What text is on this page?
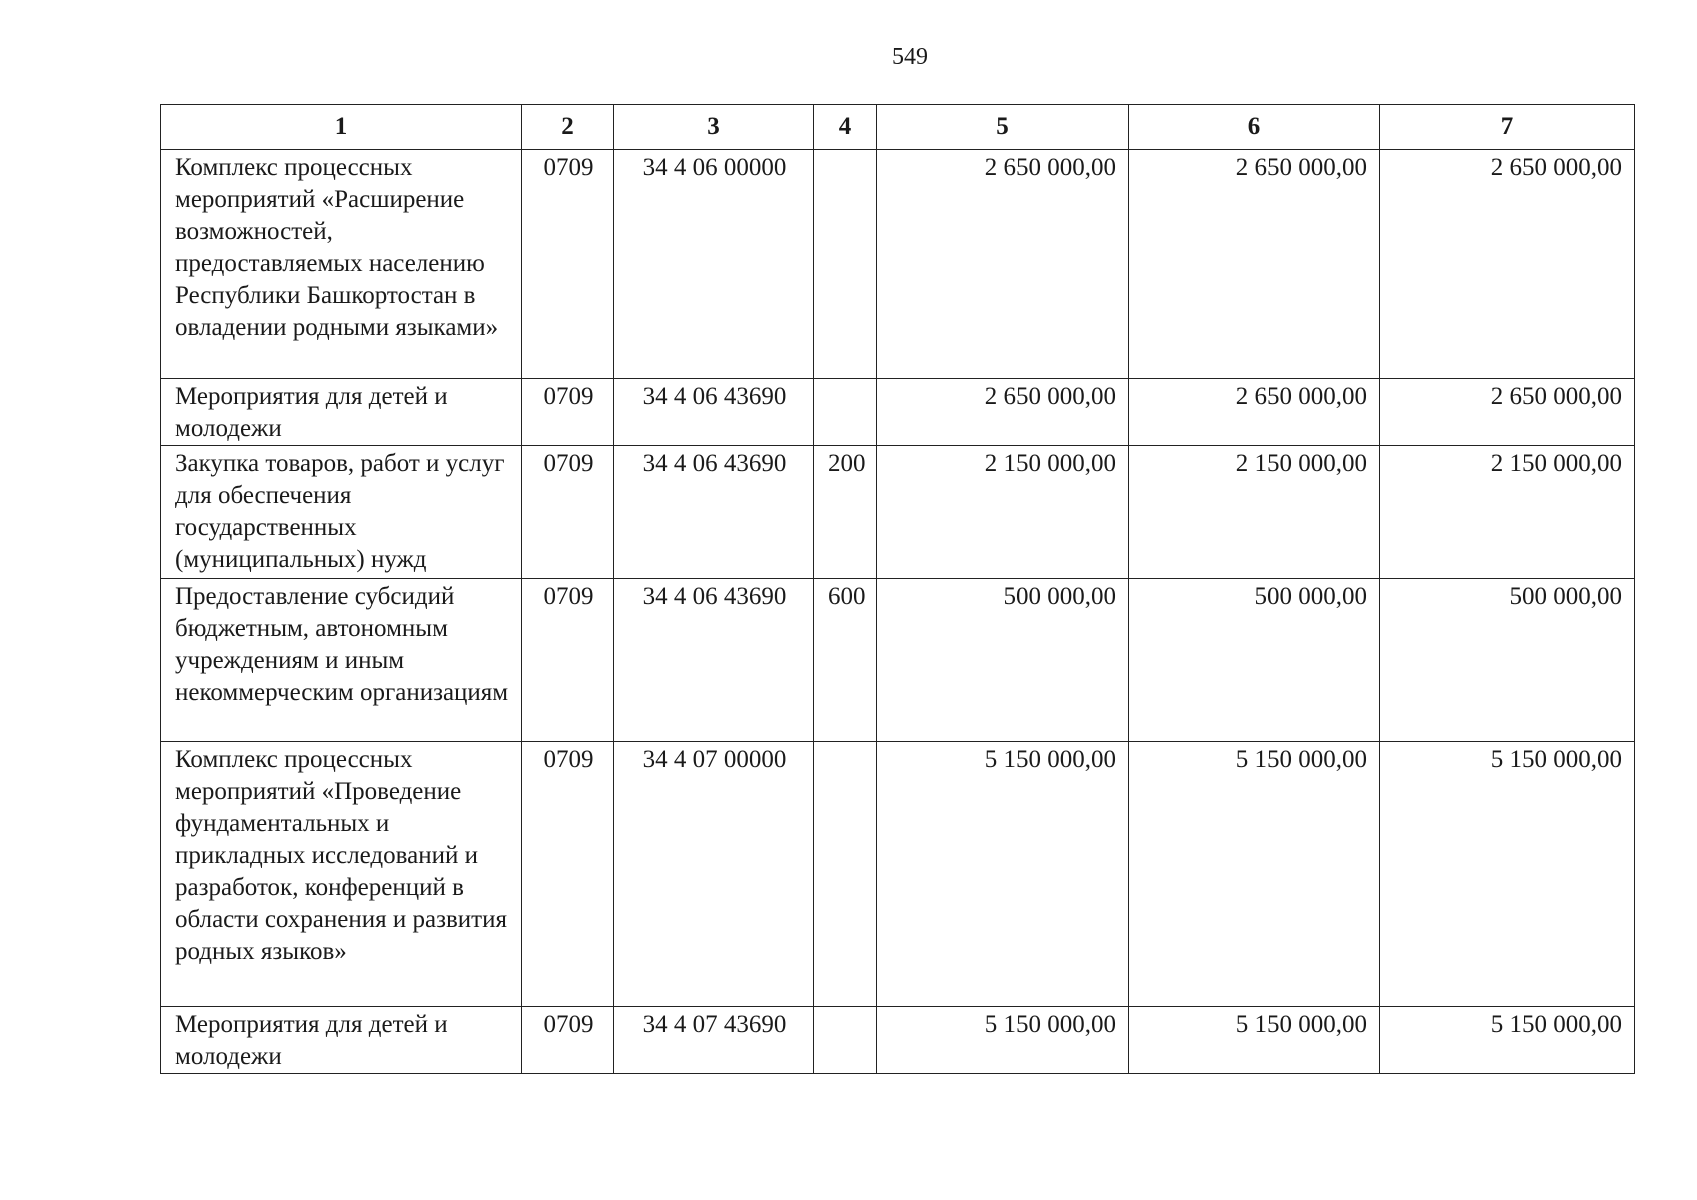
549
1	2	3	4	5	6	7
Комплекс процессных мероприятий «Расширение возможностей, предоставляемых населению Республики Башкортостан в овладении родными языками»	0709	34 4 06 00000		2 650 000,00	2 650 000,00	2 650 000,00
Мероприятия для детей и молодежи	0709	34 4 06 43690		2 650 000,00	2 650 000,00	2 650 000,00
Закупка товаров, работ и услуг для обеспечения государственных (муниципальных) нужд	0709	34 4 06 43690	200	2 150 000,00	2 150 000,00	2 150 000,00
Предоставление субсидий бюджетным, автономным учреждениям и иным некоммерческим организациям	0709	34 4 06 43690	600	500 000,00	500 000,00	500 000,00
Комплекс процессных мероприятий «Проведение фундаментальных и прикладных исследований и разработок, конференций в области сохранения и развития родных языков»	0709	34 4 07 00000		5 150 000,00	5 150 000,00	5 150 000,00
Мероприятия для детей и молодежи	0709	34 4 07 43690		5 150 000,00	5 150 000,00	5 150 000,00
